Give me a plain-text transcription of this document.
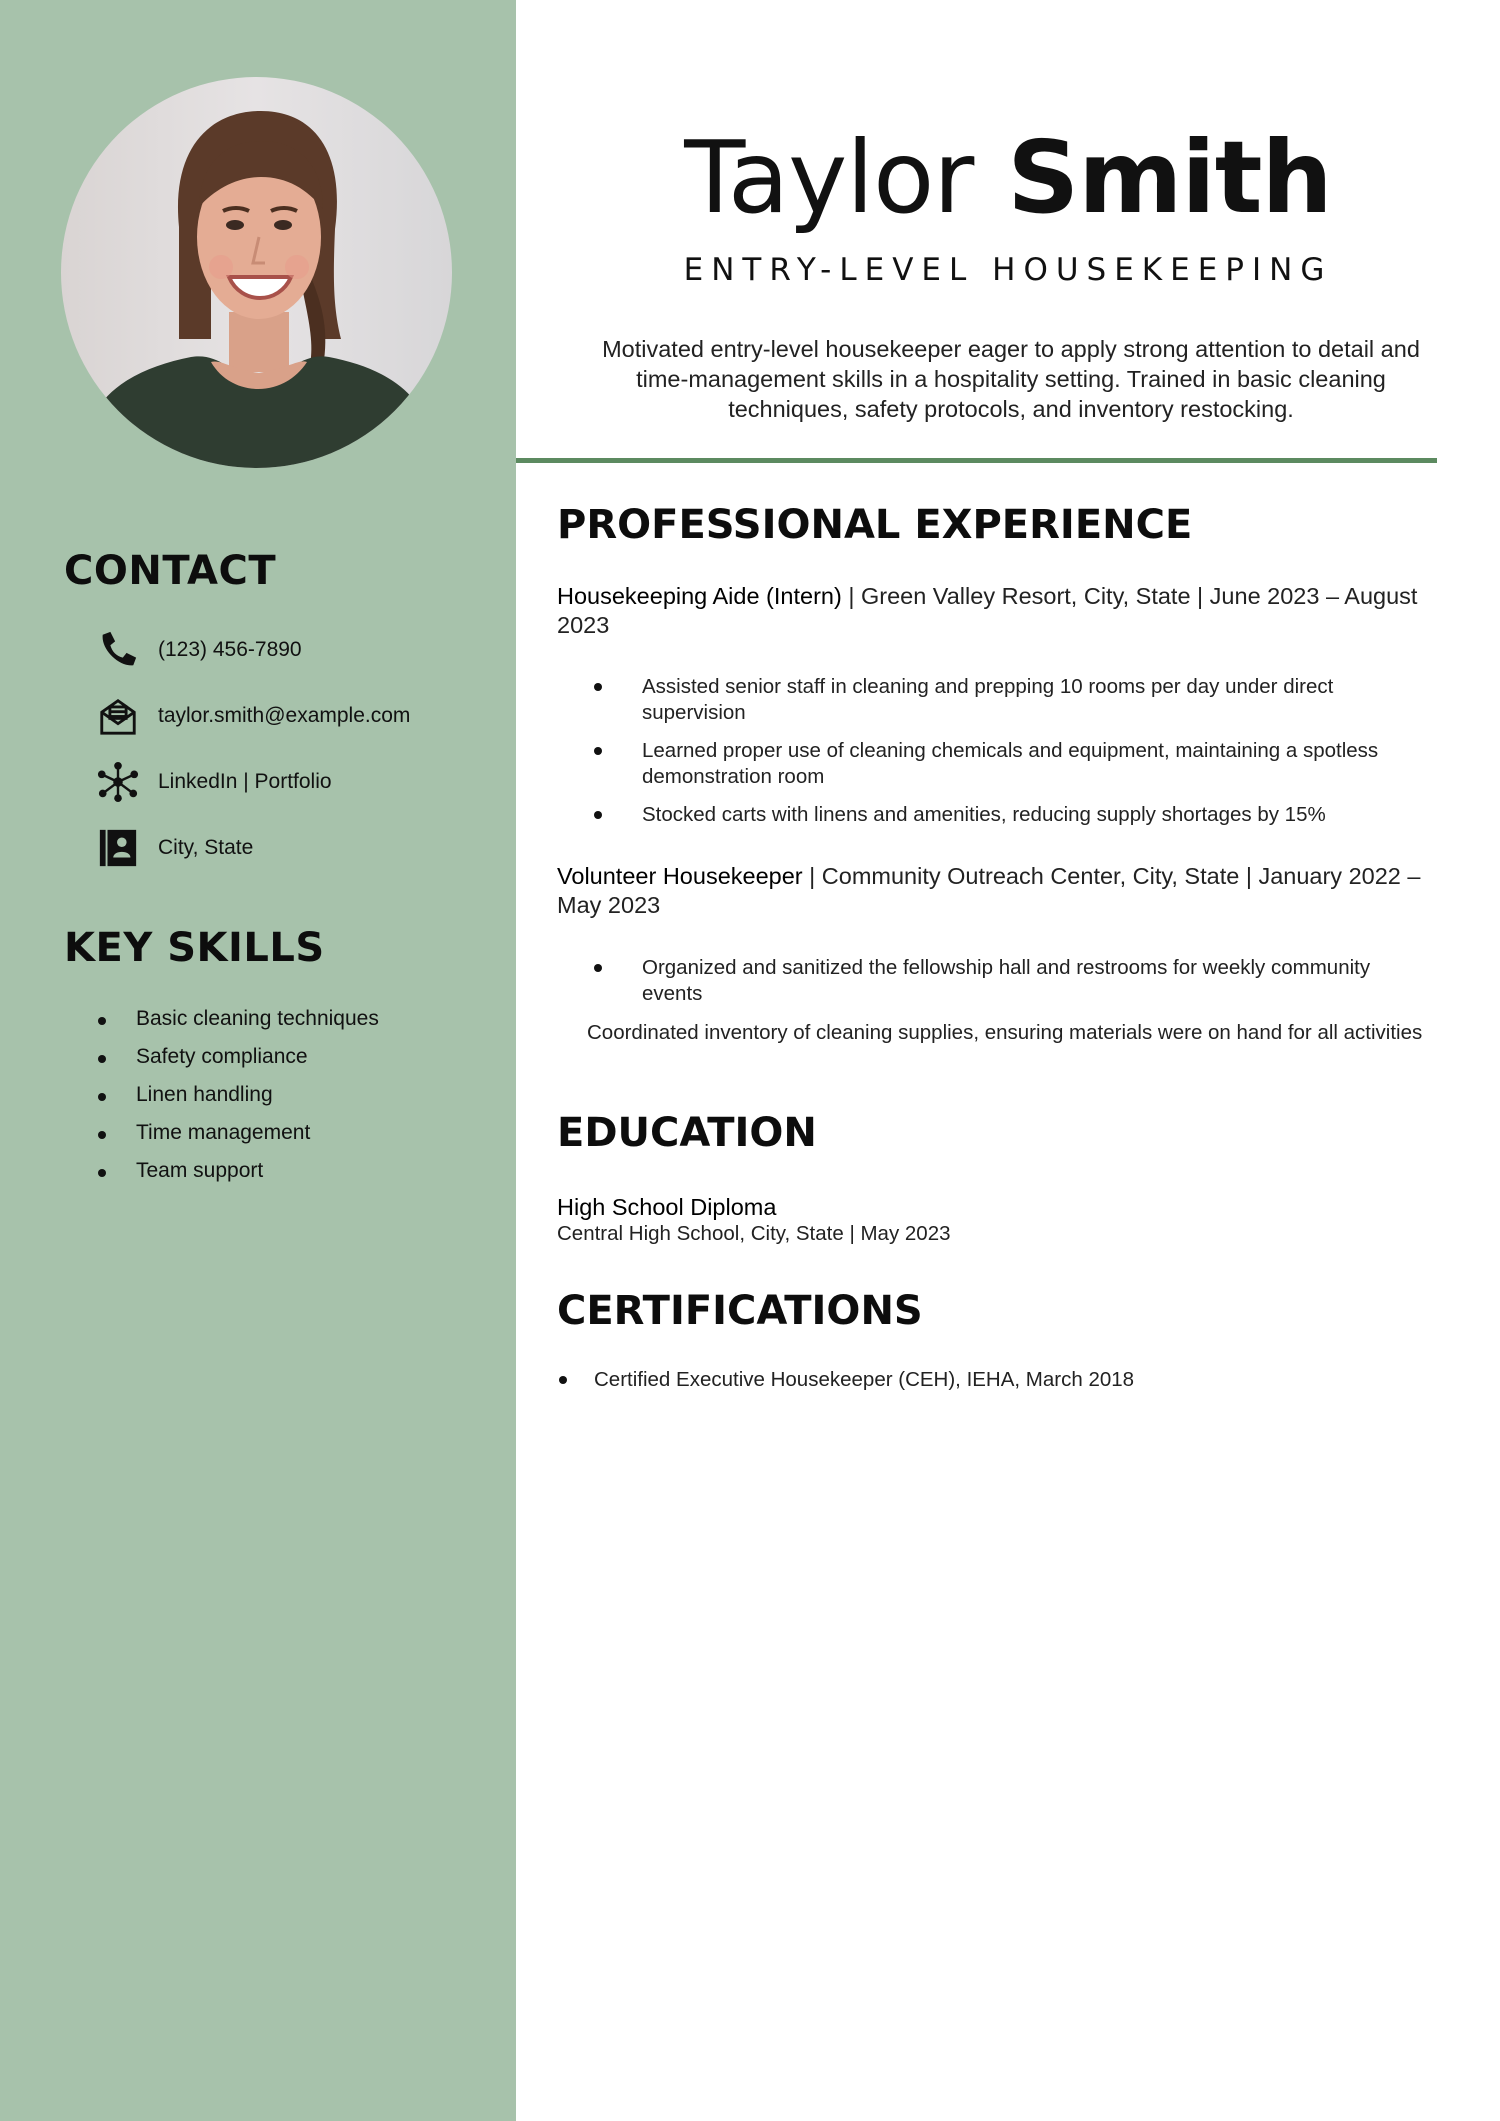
CONTACT
(123) 456-7890
taylor.smith@example.com
LinkedIn | Portfolio
City, State
KEY SKILLS
Basic cleaning techniques
Safety compliance
Linen handling
Time management
Team support
Taylor Smith
ENTRY-LEVEL HOUSEKEEPING

Motivated entry-level housekeeper eager to apply strong attention to detail and time-management skills in a hospitality setting. Trained in basic cleaning techniques, safety protocols, and inventory restocking.

PROFESSIONAL EXPERIENCE

Housekeeping Aide (Intern) | Green Valley Resort, City, State | June 2023 – August 2023

Assisted senior staff in cleaning and prepping 10 rooms per day under direct supervision
Learned proper use of cleaning chemicals and equipment, maintaining a spotless demonstration room
Stocked carts with linens and amenities, reducing supply shortages by 15%

Volunteer Housekeeper | Community Outreach Center, City, State | January 2022 – May 2023

Organized and sanitized the fellowship hall and restrooms for weekly community events

Coordinated inventory of cleaning supplies, ensuring materials were on hand for all activities

EDUCATION

High School Diploma

Central High School, City, State | May 2023

CERTIFICATIONS
Certified Executive Housekeeper (CEH), IEHA, March 2018
